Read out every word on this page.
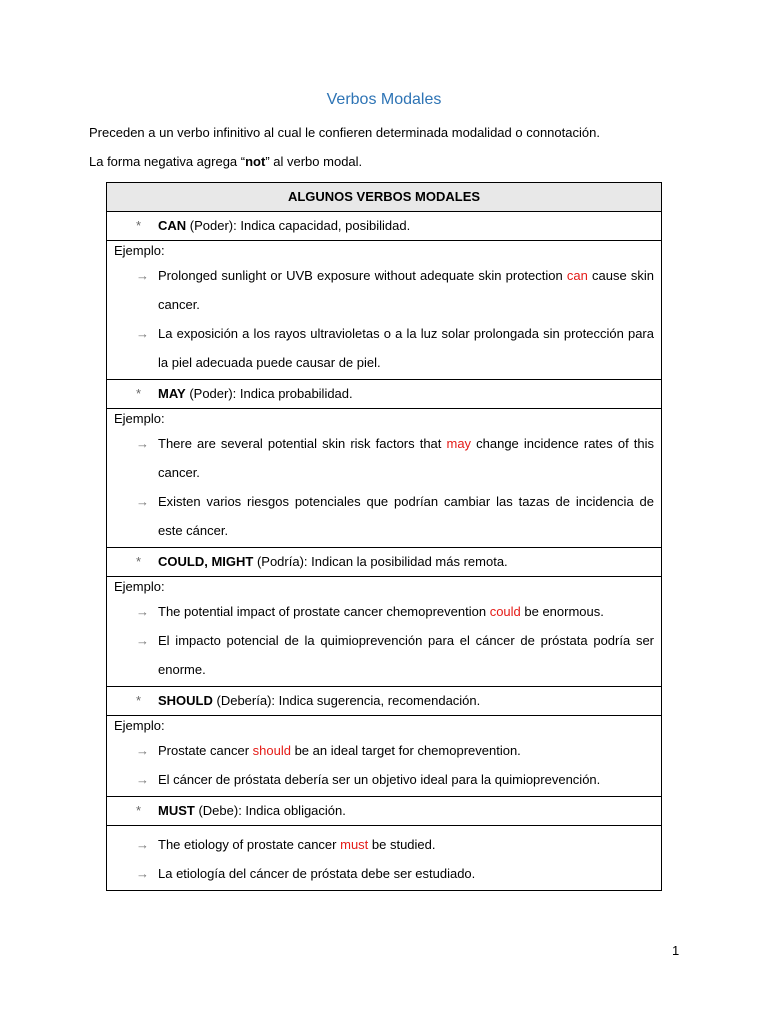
Verbos Modales
Preceden a un verbo infinitivo al cual le confieren determinada modalidad o connotación.
La forma negativa agrega “not” al verbo modal.
ALGUNOS VERBOS MODALES
* CAN (Poder): Indica capacidad, posibilidad.

Ejemplo:
→ Prolonged sunlight or UVB exposure without adequate skin protection can cause skin cancer.
→ La exposición a los rayos ultravioletas o a la luz solar prolongada sin protección para la piel adecuada puede causar de piel.

* MAY (Poder): Indica probabilidad.

Ejemplo:
→ There are several potential skin risk factors that may change incidence rates of this cancer.
→ Existen varios riesgos potenciales que podrían cambiar las tazas de incidencia de este cáncer.

* COULD, MIGHT (Podría): Indican la posibilidad más remota.

Ejemplo:
→ The potential impact of prostate cancer chemoprevention could be enormous.
→ El impacto potencial de la quimioprevención para el cáncer de próstata podría ser enorme.

* SHOULD (Debería): Indica sugerencia, recomendación.

Ejemplo:
→ Prostate cancer should be an ideal target for chemoprevention.
→ El cáncer de próstata debería ser un objetivo ideal para la quimioprevención.

* MUST (Debe): Indica obligación.

→ The etiology of prostate cancer must be studied.
→ La etiología del cáncer de próstata debe ser estudiado.
1
